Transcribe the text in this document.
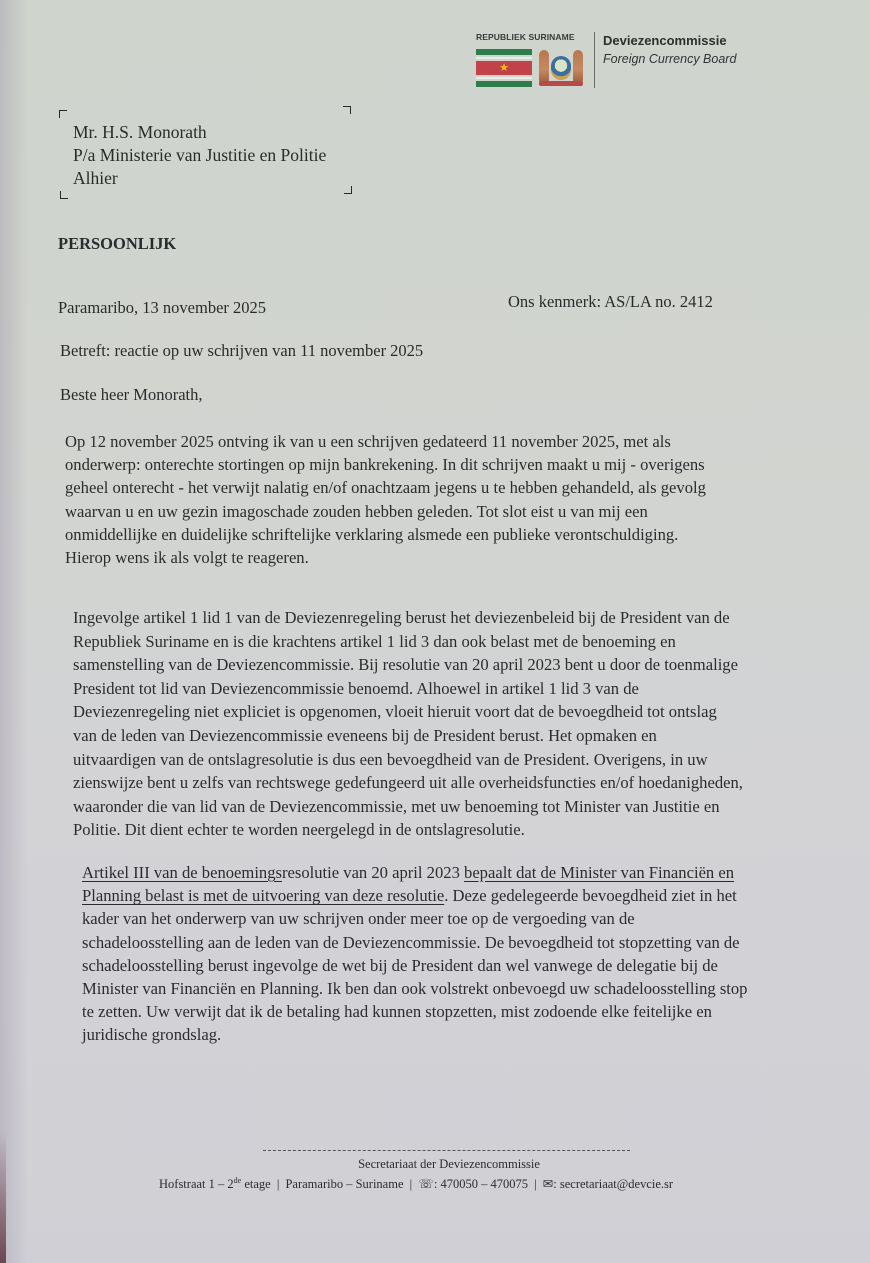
REPUBLIEK SURINAME
★
Deviezencommissie
Foreign Currency Board
Mr. H.S. Monorath
P/a Ministerie van Justitie en Politie
Alhier
PERSOONLIJK
Paramaribo, 13 november 2025	Ons kenmerk: AS/LA no. 2412
Betreft: reactie op uw schrijven van 11 november 2025
Beste heer Monorath,
Op 12 november 2025 ontving ik van u een schrijven gedateerd 11 november 2025, met als
onderwerp: onterechte stortingen op mijn bankrekening. In dit schrijven maakt u mij - overigens
geheel onterecht - het verwijt nalatig en/of onachtzaam jegens u te hebben gehandeld, als gevolg
waarvan u en uw gezin imagoschade zouden hebben geleden. Tot slot eist u van mij een
onmiddellijke en duidelijke schriftelijke verklaring alsmede een publieke verontschuldiging.
Hierop wens ik als volgt te reageren.
Ingevolge artikel 1 lid 1 van de Deviezenregeling berust het deviezenbeleid bij de President van de
Republiek Suriname en is die krachtens artikel 1 lid 3 dan ook belast met de benoeming en
samenstelling van de Deviezencommissie. Bij resolutie van 20 april 2023 bent u door de toenmalige
President tot lid van Deviezencommissie benoemd. Alhoewel in artikel 1 lid 3 van de
Deviezenregeling niet expliciet is opgenomen, vloeit hieruit voort dat de bevoegdheid tot ontslag
van de leden van Deviezencommissie eveneens bij de President berust. Het opmaken en
uitvaardigen van de ontslagresolutie is dus een bevoegdheid van de President. Overigens, in uw
zienswijze bent u zelfs van rechtswege gedefungeerd uit alle overheidsfuncties en/of hoedanigheden,
waaronder die van lid van de Deviezencommissie, met uw benoeming tot Minister van Justitie en
Politie. Dit dient echter te worden neergelegd in de ontslagresolutie.
Artikel III van de benoemingsresolutie van 20 april 2023 bepaalt dat de Minister van Financiën en
Planning belast is met de uitvoering van deze resolutie. Deze gedelegeerde bevoegdheid ziet in het
kader van het onderwerp van uw schrijven onder meer toe op de vergoeding van de
schadeloosstelling aan de leden van de Deviezencommissie. De bevoegdheid tot stopzetting van de
schadeloosstelling berust ingevolge de wet bij de President dan wel vanwege de delegatie bij de
Minister van Financiën en Planning. Ik ben dan ook volstrekt onbevoegd uw schadeloosstelling stop
te zetten. Uw verwijt dat ik de betaling had kunnen stopzetten, mist zodoende elke feitelijke en
juridische grondslag.
Secretariaat der Deviezencommissie
Hofstraat 1 – 2de etage | Paramaribo – Suriname | ☏: 470050 – 470075 | ✉: secretariaat@devcie.sr
